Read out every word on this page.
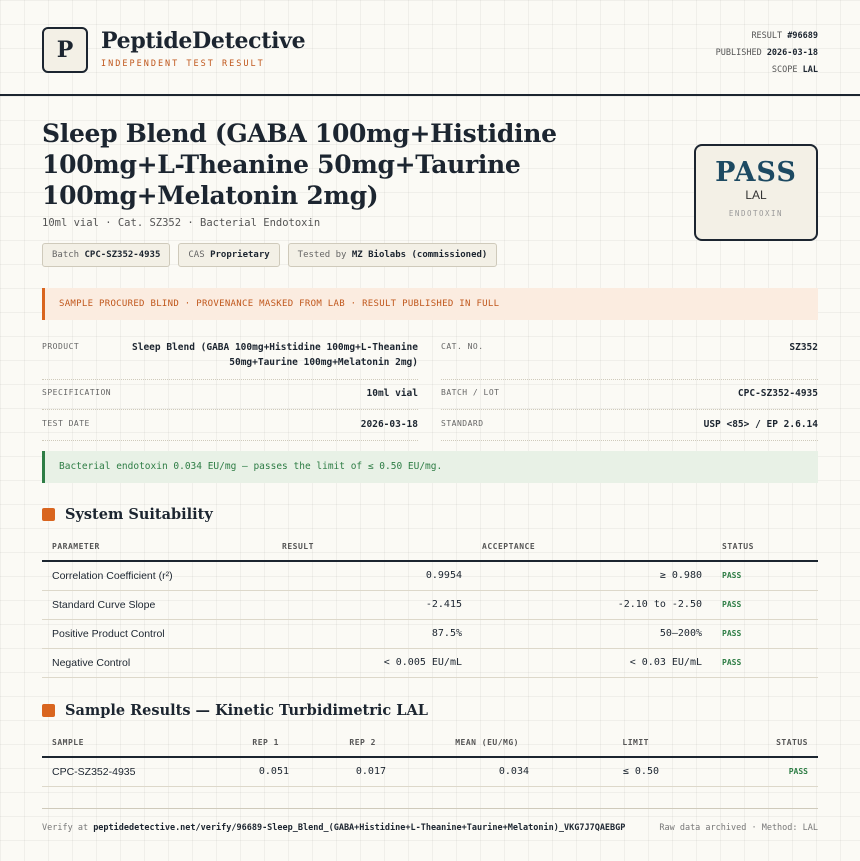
P	PeptideDetective
INDEPENDENT TEST RESULT
RESULT #96689
PUBLISHED 2026-03-18
SCOPE LAL
Sleep Blend (GABA 100mg+Histidine 100mg+L-Theanine 50mg+Taurine 100mg+Melatonin 2mg)
10ml vial · Cat. SZ352 · Bacterial Endotoxin
Batch CPC-SZ352-4935	CAS Proprietary	Tested by MZ Biolabs (commissioned)
PASS
LAL
ENDOTOXIN
SAMPLE PROCURED BLIND · PROVENANCE MASKED FROM LAB · RESULT PUBLISHED IN FULL
PRODUCT	Sleep Blend (GABA 100mg+Histidine 100mg+L-Theanine 50mg+Taurine 100mg+Melatonin 2mg)
SPECIFICATION	10ml vial
TEST DATE	2026-03-18
CAT. NO.	SZ352
BATCH / LOT	CPC-SZ352-4935
STANDARD	USP <85> / EP 2.6.14
Bacterial endotoxin 0.034 EU/mg — passes the limit of ≤ 0.50 EU/mg.
System Suitability
PARAMETER	RESULT	ACCEPTANCE	STATUS
Correlation Coefficient (r²)	0.9954	≥ 0.980	PASS
Standard Curve Slope	-2.415	-2.10 to -2.50	PASS
Positive Product Control	87.5%	50–200%	PASS
Negative Control	< 0.005 EU/mL	< 0.03 EU/mL	PASS
Sample Results — Kinetic Turbidimetric LAL
SAMPLE	REP 1	REP 2	MEAN (EU/MG)	LIMIT	STATUS
CPC-SZ352-4935	0.051	0.017	0.034	≤ 0.50	PASS
Verify at peptidedetective.net/verify/96689-Sleep_Blend_(GABA+Histidine+L-Theanine+Taurine+Melatonin)_VKG7J7QAEBGP	Raw data archived · Method: LAL
